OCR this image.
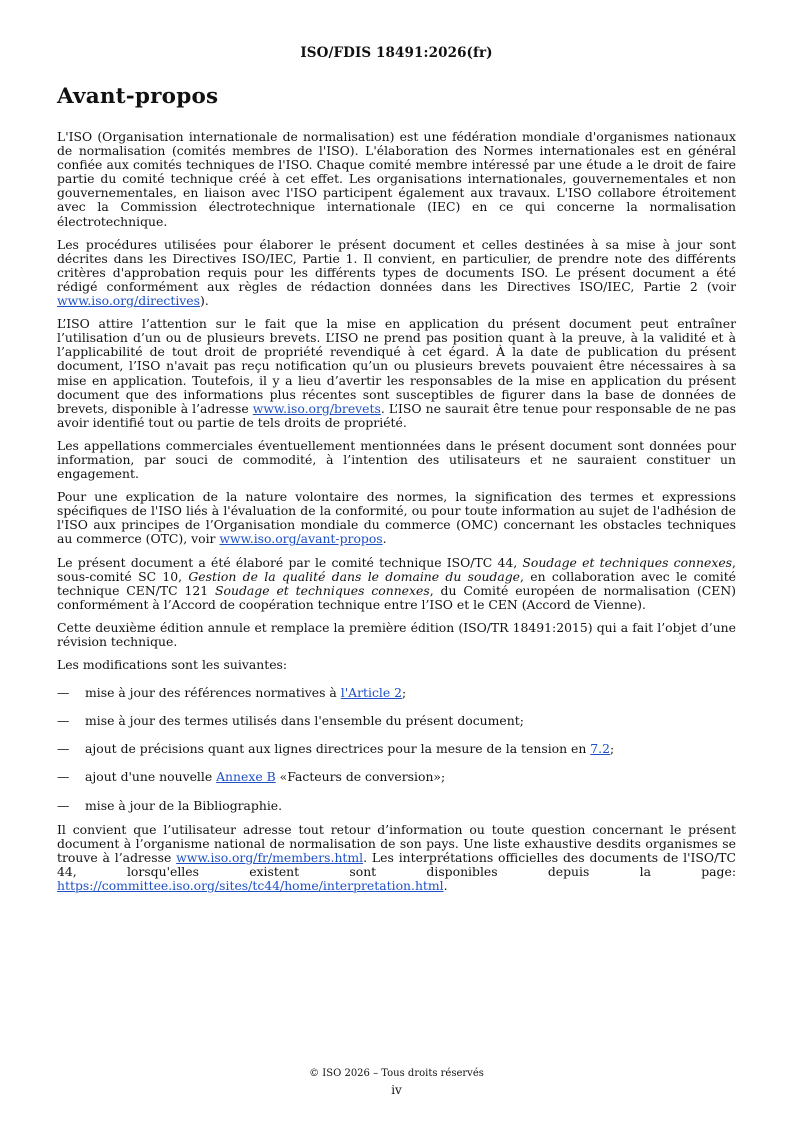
ISO/FDIS 18491:2026(fr)
Avant-propos

L'ISO (Organisation internationale de normalisation) est une fédération mondiale d'organismes nationaux de normalisation (comités membres de l'ISO). L'élaboration des Normes internationales est en général confiée aux comités techniques de l'ISO. Chaque comité membre intéressé par une étude a le droit de faire partie du comité technique créé à cet effet. Les organisations internationales, gouvernementales et non gouvernementales, en liaison avec l'ISO participent également aux travaux. L'ISO collabore étroitement avec la Commission électrotechnique internationale (IEC) en ce qui concerne la normalisation électrotechnique.

Les procédures utilisées pour élaborer le présent document et celles destinées à sa mise à jour sont décrites dans les Directives ISO/IEC, Partie 1. Il convient, en particulier, de prendre note des différents critères d'approbation requis pour les différents types de documents ISO. Le présent document a été rédigé conformément aux règles de rédaction données dans les Directives ISO/IEC, Partie 2 (voir www.iso.org/directives).

L’ISO attire l’attention sur le fait que la mise en application du présent document peut entraîner l’utilisation d’un ou de plusieurs brevets. L’ISO ne prend pas position quant à la preuve, à la validité et à l’applicabilité de tout droit de propriété revendiqué à cet égard. À la date de publication du présent document, l’ISO n'avait pas reçu notification qu’un ou plusieurs brevets pouvaient être nécessaires à sa mise en application. Toutefois, il y a lieu d’avertir les responsables de la mise en application du présent document que des informations plus récentes sont susceptibles de figurer dans la base de données de brevets, disponible à l’adresse www.iso.org/brevets. L’ISO ne saurait être tenue pour responsable de ne pas avoir identifié tout ou partie de tels droits de propriété.

Les appellations commerciales éventuellement mentionnées dans le présent document sont données pour information, par souci de commodité, à l’intention des utilisateurs et ne sauraient constituer un engagement.

Pour une explication de la nature volontaire des normes, la signification des termes et expressions spécifiques de l'ISO liés à l'évaluation de la conformité, ou pour toute information au sujet de l'adhésion de l'ISO aux principes de l’Organisation mondiale du commerce (OMC) concernant les obstacles techniques au commerce (OTC), voir www.iso.org/avant-propos.

Le présent document a été élaboré par le comité technique ISO/TC 44, Soudage et techniques connexes, sous-comité SC 10, Gestion de la qualité dans le domaine du soudage, en collaboration avec le comité technique CEN/TC 121 Soudage et techniques connexes, du Comité européen de normalisation (CEN) conformément à l’Accord de coopération technique entre l’ISO et le CEN (Accord de Vienne).

Cette deuxième édition annule et remplace la première édition (ISO/TR 18491:2015) qui a fait l’objet d’une révision technique.

Les modifications sont les suivantes:

—	mise à jour des références normatives à l'Article 2;
—	mise à jour des termes utilisés dans l'ensemble du présent document;
—	ajout de précisions quant aux lignes directrices pour la mesure de la tension en 7.2;
—	ajout d'une nouvelle Annexe B «Facteurs de conversion»;
—	mise à jour de la Bibliographie.

Il convient que l’utilisateur adresse tout retour d’information ou toute question concernant le présent document à l’organisme national de normalisation de son pays. Une liste exhaustive desdits organismes se trouve à l’adresse www.iso.org/fr/members.html. Les interprétations officielles des documents de l'ISO/TC 44, lorsqu'elles existent sont disponibles depuis la page: https://committee.iso.org/sites/tc44/home/interpretation.html.

© ISO 2026 – Tous droits réservés
iv
